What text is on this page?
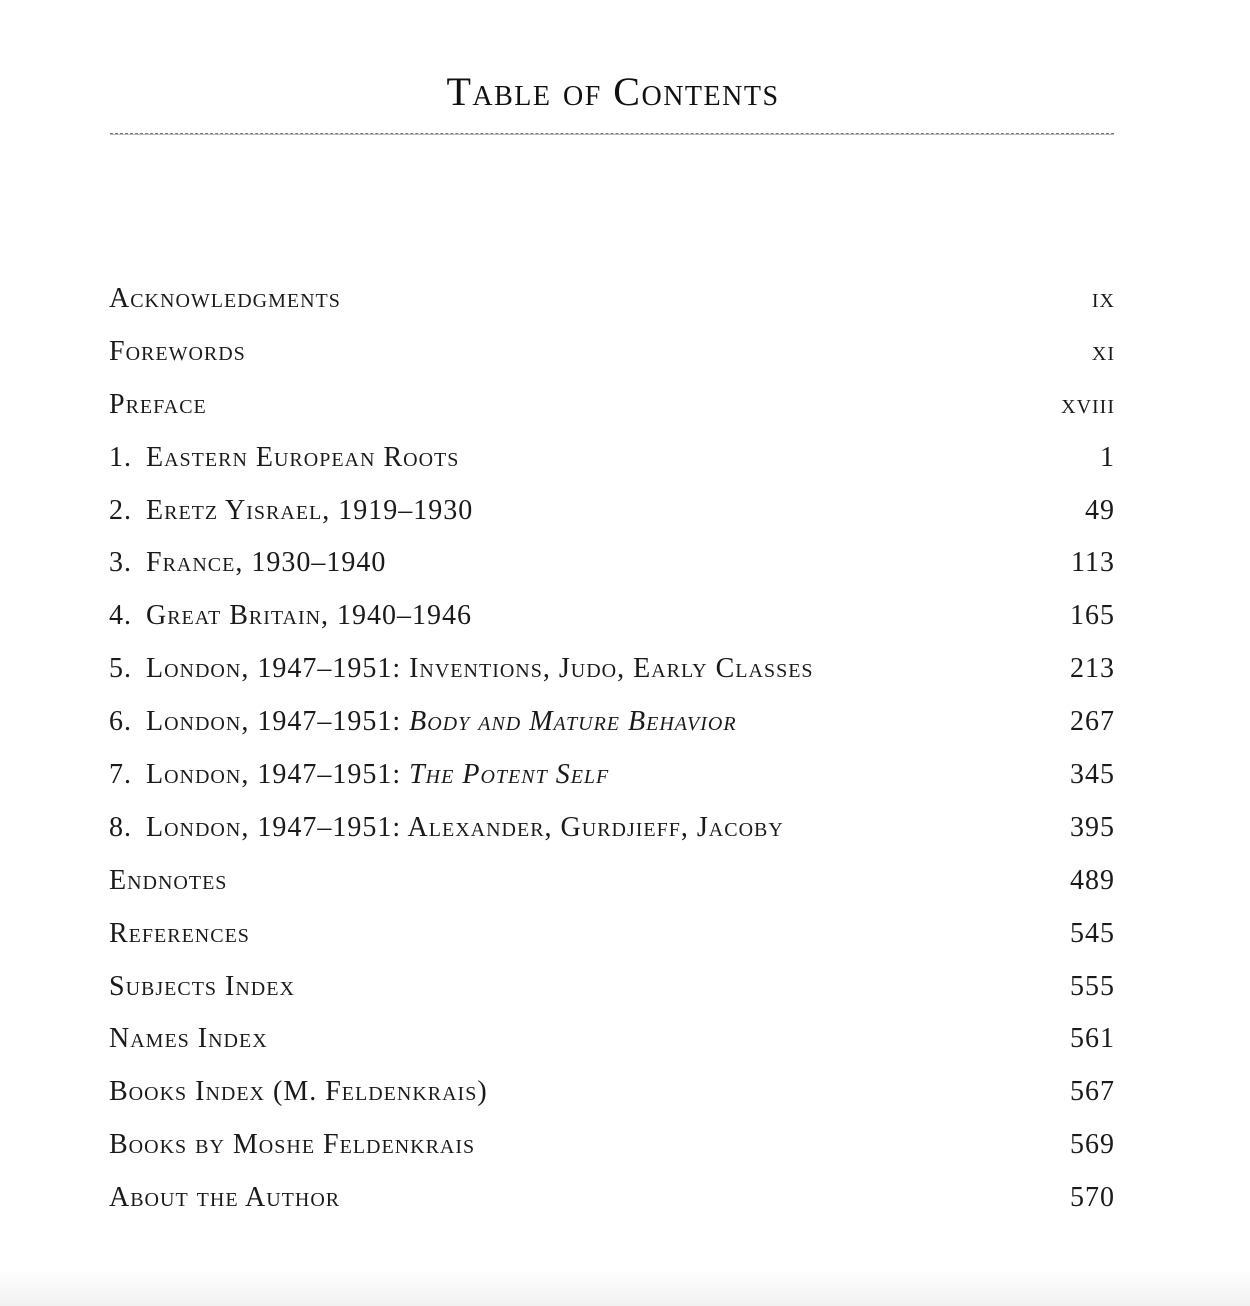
Table of Contents
Acknowledgments	ix
Forewords	xi
Preface	xviii
1. Eastern European Roots	1
2. Eretz Yisrael, 1919–1930	49
3. France, 1930–1940	113
4. Great Britain, 1940–1946	165
5. London, 1947–1951: Inventions, Judo, Early Classes	213
6. London, 1947–1951: Body and Mature Behavior	267
7. London, 1947–1951: The Potent Self	345
8. London, 1947–1951: Alexander, Gurdjieff, Jacoby	395
Endnotes	489
References	545
Subjects Index	555
Names Index	561
Books Index (M. Feldenkrais)	567
Books by Moshe Feldenkrais	569
About the Author	570
